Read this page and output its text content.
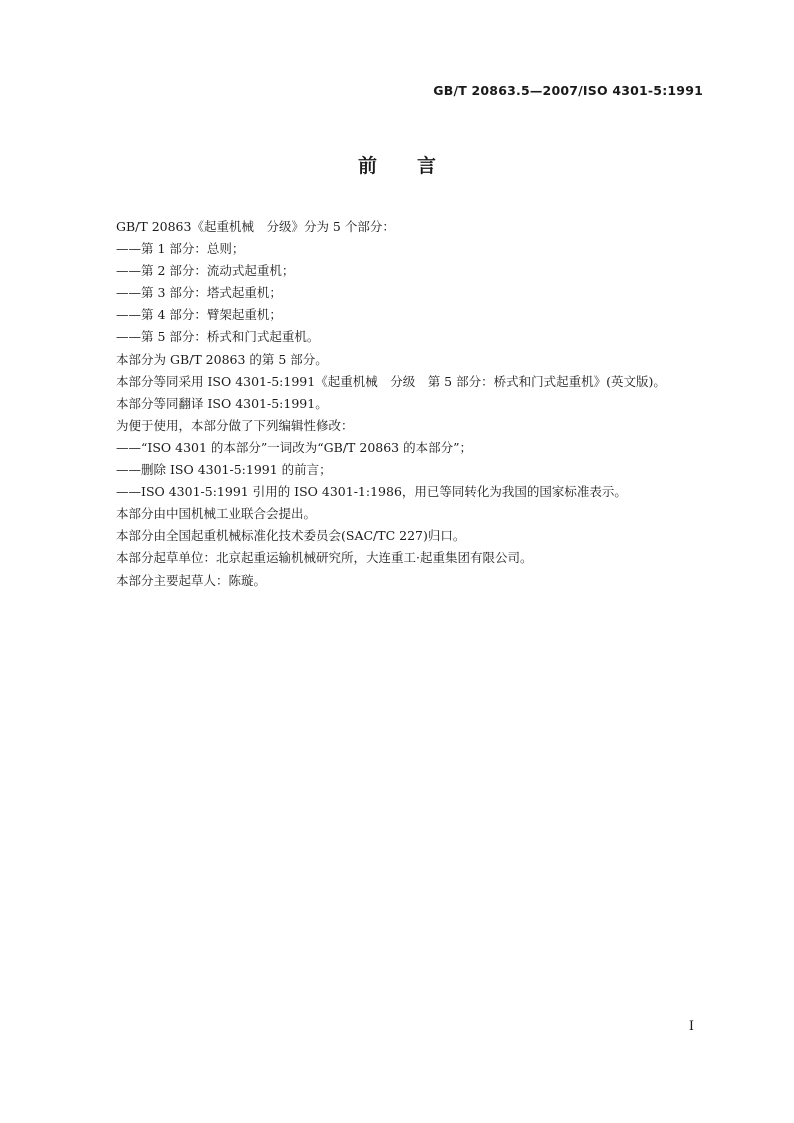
GB/T 20863.5—2007/ISO 4301-5:1991
前言
GB/T 20863《起重机械　分级》分为 5 个部分：
——第 1 部分：总则；
——第 2 部分：流动式起重机；
——第 3 部分：塔式起重机；
——第 4 部分：臂架起重机；
——第 5 部分：桥式和门式起重机。
本部分为 GB/T 20863 的第 5 部分。
本部分等同采用 ISO 4301-5:1991《起重机械　分级　第 5 部分：桥式和门式起重机》(英文版)。
本部分等同翻译 ISO 4301-5:1991。
为便于使用，本部分做了下列编辑性修改：
——“ISO 4301 的本部分”一词改为“GB/T 20863 的本部分”；
——删除 ISO 4301-5:1991 的前言；
——ISO 4301-5:1991 引用的 ISO 4301-1:1986，用已等同转化为我国的国家标准表示。
本部分由中国机械工业联合会提出。
本部分由全国起重机械标准化技术委员会(SAC/TC 227)归口。
本部分起草单位：北京起重运输机械研究所，大连重工·起重集团有限公司。
本部分主要起草人：陈璇。
I
